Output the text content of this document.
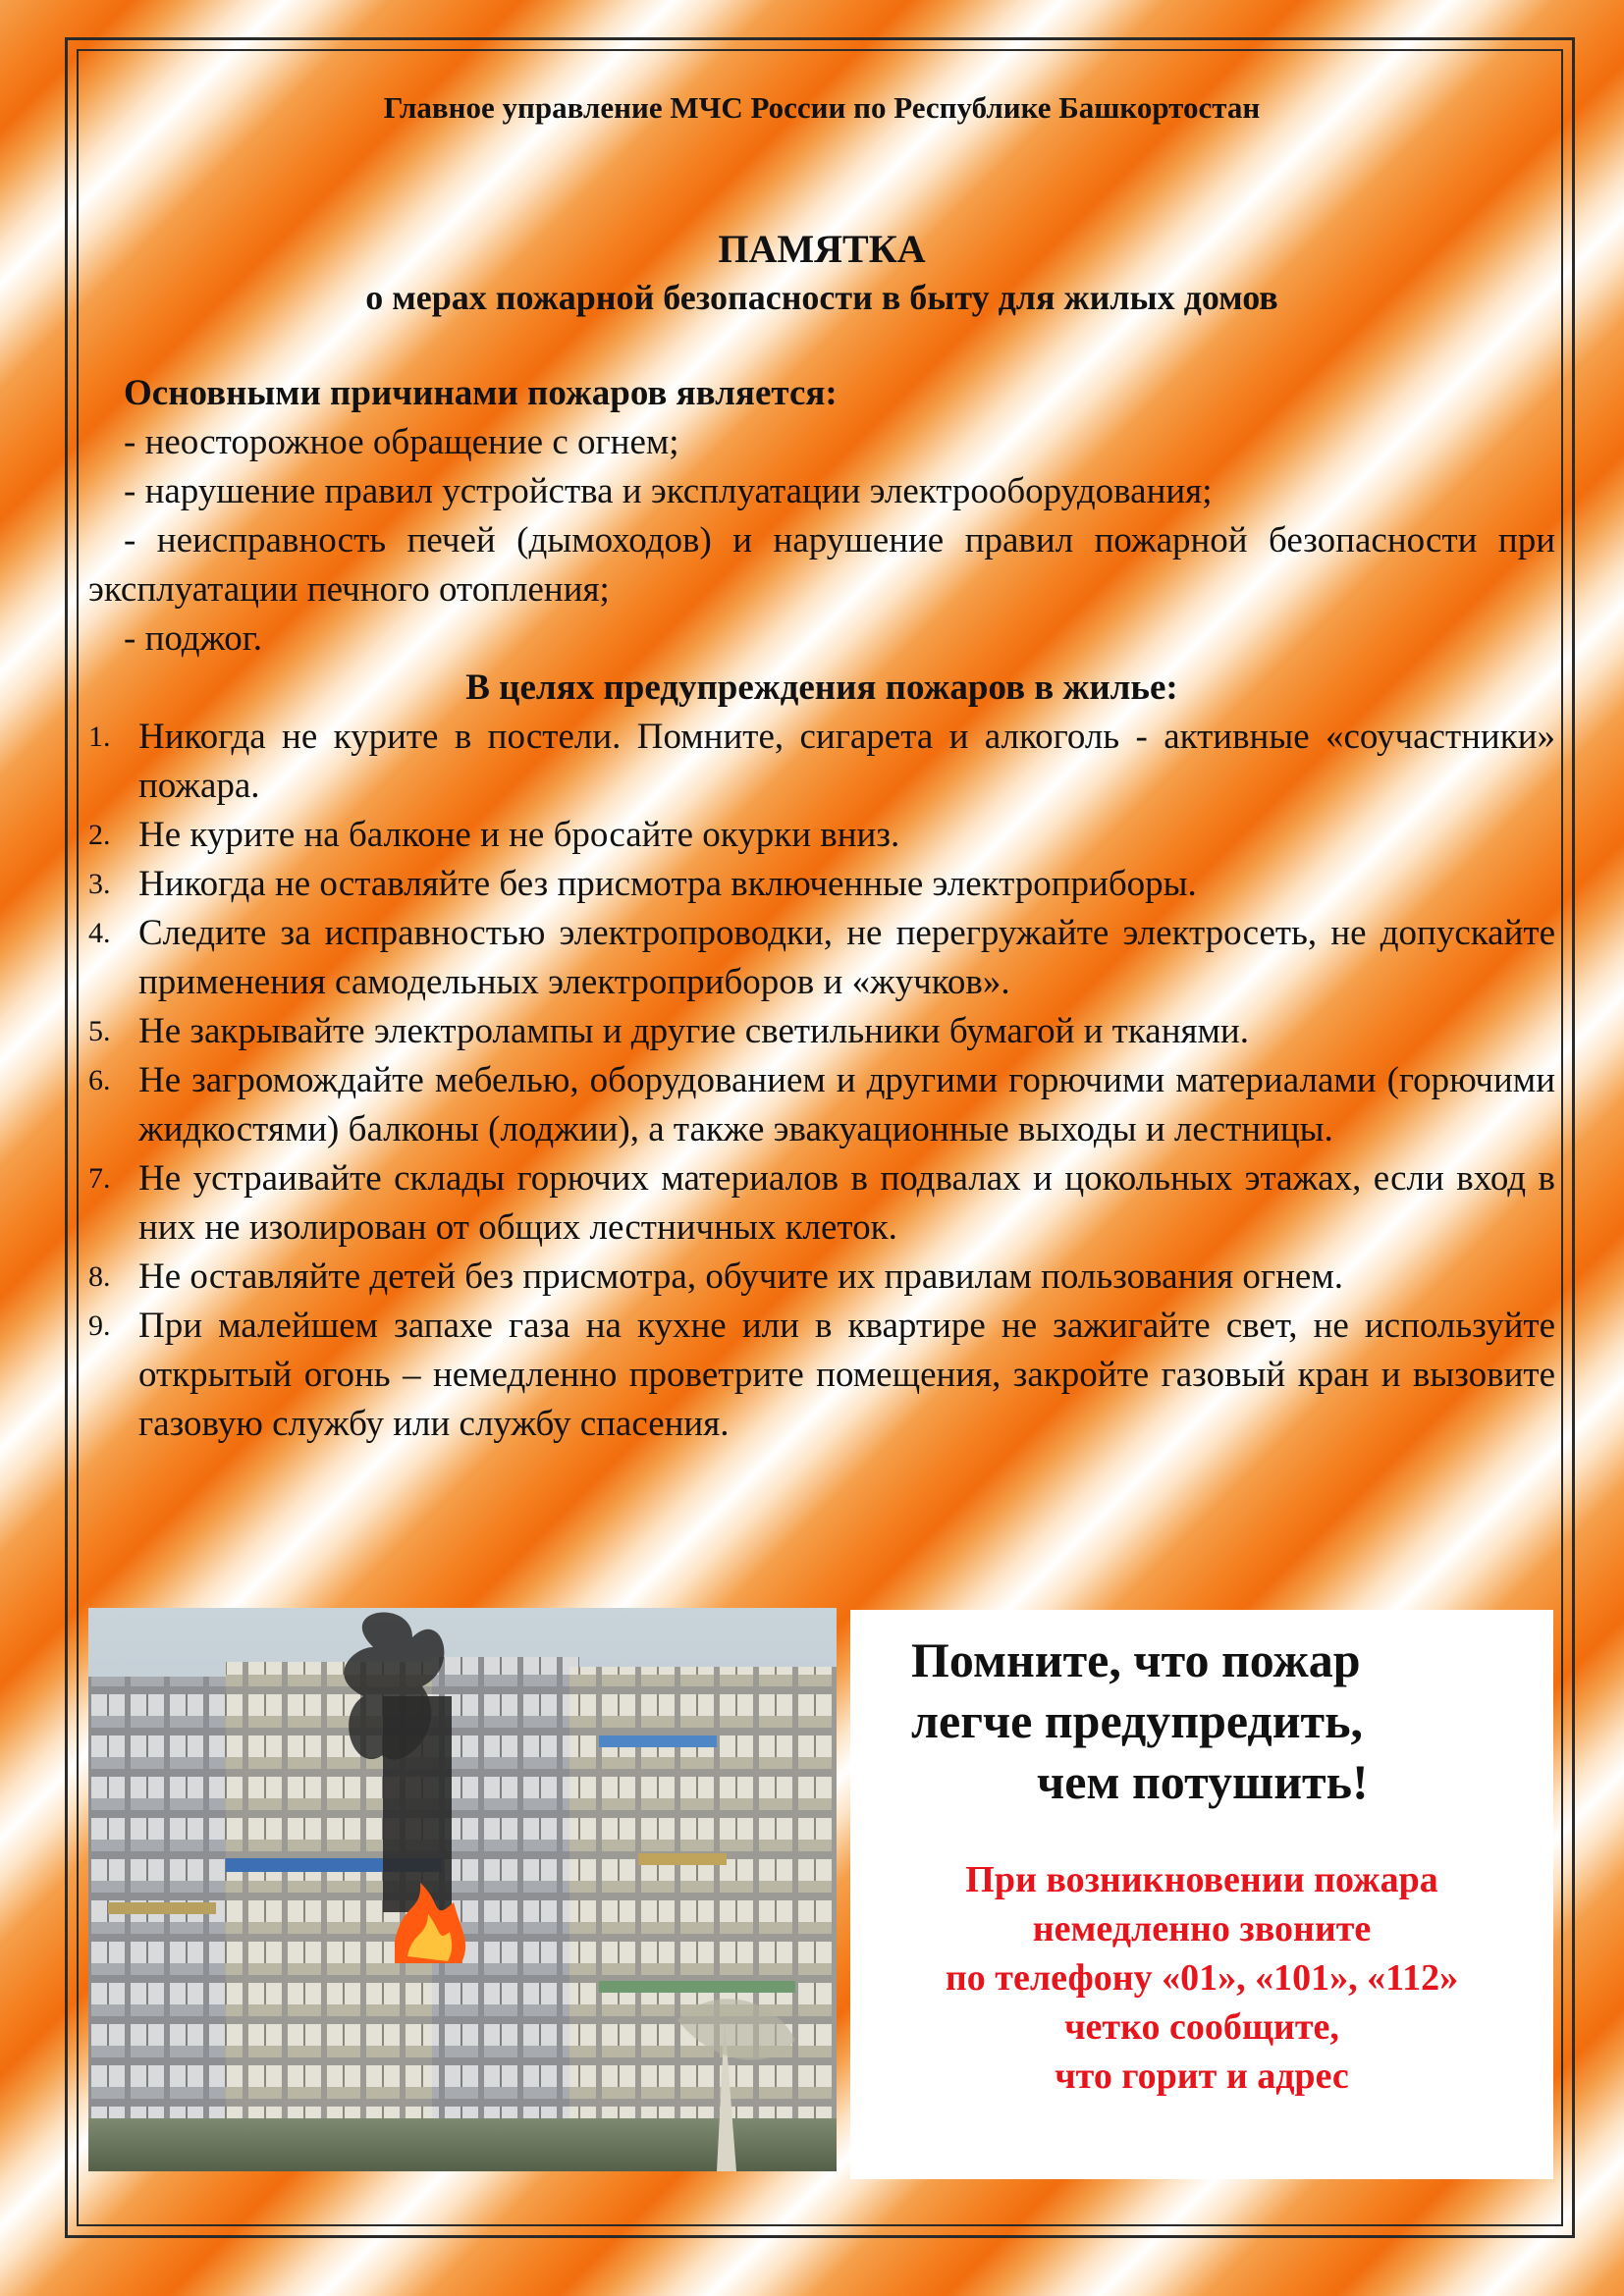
Главное управление МЧС России по Республике Башкортостан

ПАМЯТКА

о мерах пожарной безопасности в быту для жилых домов

Основными причинами пожаров является:

- неосторожное обращение с огнем;

- нарушение правил устройства и эксплуатации электрооборудования;

- неисправность печей (дымоходов) и нарушение правил пожарной безопасности при эксплуатации печного отопления;

- поджог.

В целях предупреждения пожаров в жилье:

1. Никогда не курите в постели. Помните, сигарета и алкоголь - активные «соучастники» пожара.
2. Не курите на балконе и не бросайте окурки вниз.
3. Никогда не оставляйте без присмотра включенные электроприборы.
4. Следите за исправностью электропроводки, не перегружайте электросеть, не допускайте применения самодельных электроприборов и «жучков».
5. Не закрывайте электролампы и другие светильники бумагой и тканями.
6. Не загромождайте мебелью, оборудованием и другими горючими материалами (горючими жидкостями) балконы (лоджии), а также эвакуационные выходы и лестницы.
7. Не устраивайте склады горючих материалов в подвалах и цокольных этажах, если вход в них не изолирован от общих лестничных клеток.
8. Не оставляйте детей без присмотра, обучите их правилам пользования огнем.
9. При малейшем запахе газа на кухне или в квартире не зажигайте свет, не используйте открытый огонь – немедленно проветрите помещения, закройте газовый кран и вызовите газовую службу или службу спасения.
Помните, что пожар
легче предупредить,
чем потушить!
При возникновении пожара
немедленно звоните
по телефону «01», «101», «112»
четко сообщите,
что горит и адрес
